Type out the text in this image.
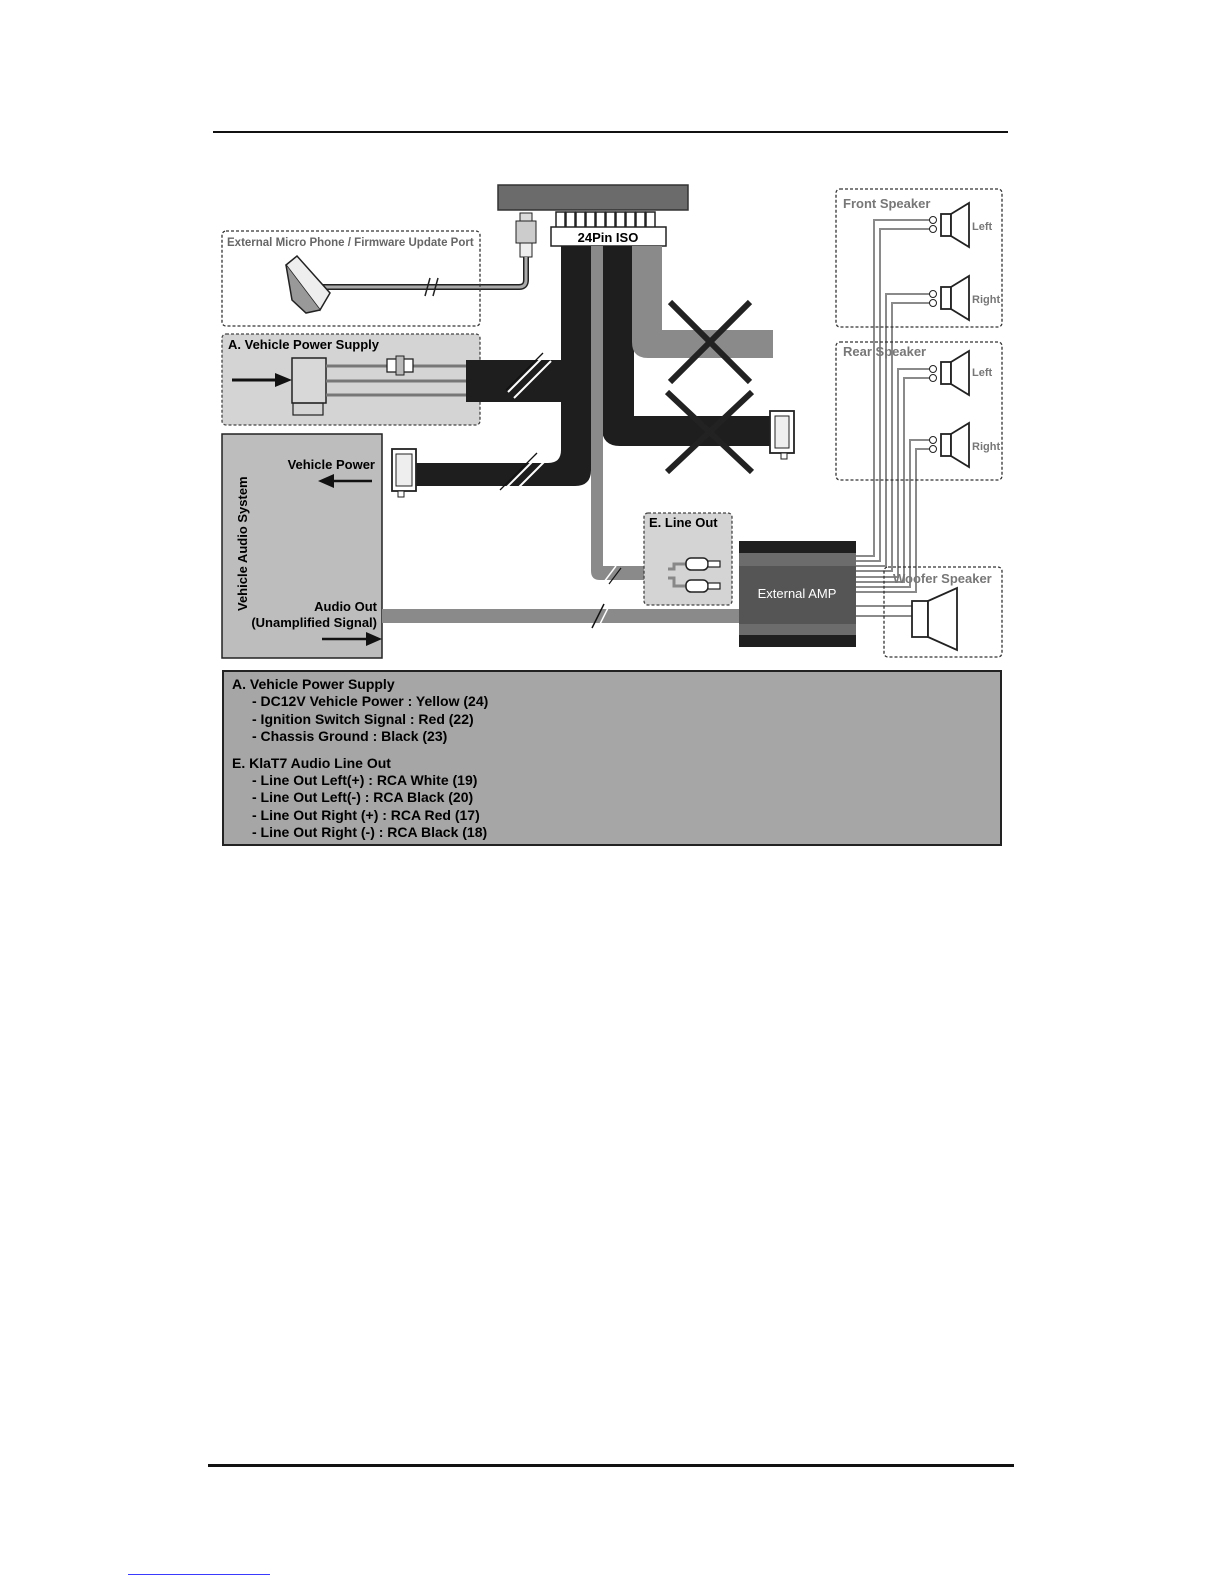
24Pin ISO
External Micro Phone / Firmware Update Port
A. Vehicle Power Supply
Vehicle Audio System
Vehicle Power
Audio Out
(Unamplified Signal)
E. Line Out
External AMP
Front Speaker
Left
Right
Rear Speaker
Left
Right
Woofer Speaker
A. Vehicle Power Supply
- DC12V Vehicle Power : Yellow (24)
- Ignition Switch Signal : Red (22)
- Chassis Ground : Black (23)
E. KlaT7 Audio Line Out
- Line Out Left(+) : RCA White (19)
- Line Out Left(-) : RCA Black (20)
- Line Out Right (+) : RCA Red (17)
- Line Out Right (-) : RCA Black (18)
